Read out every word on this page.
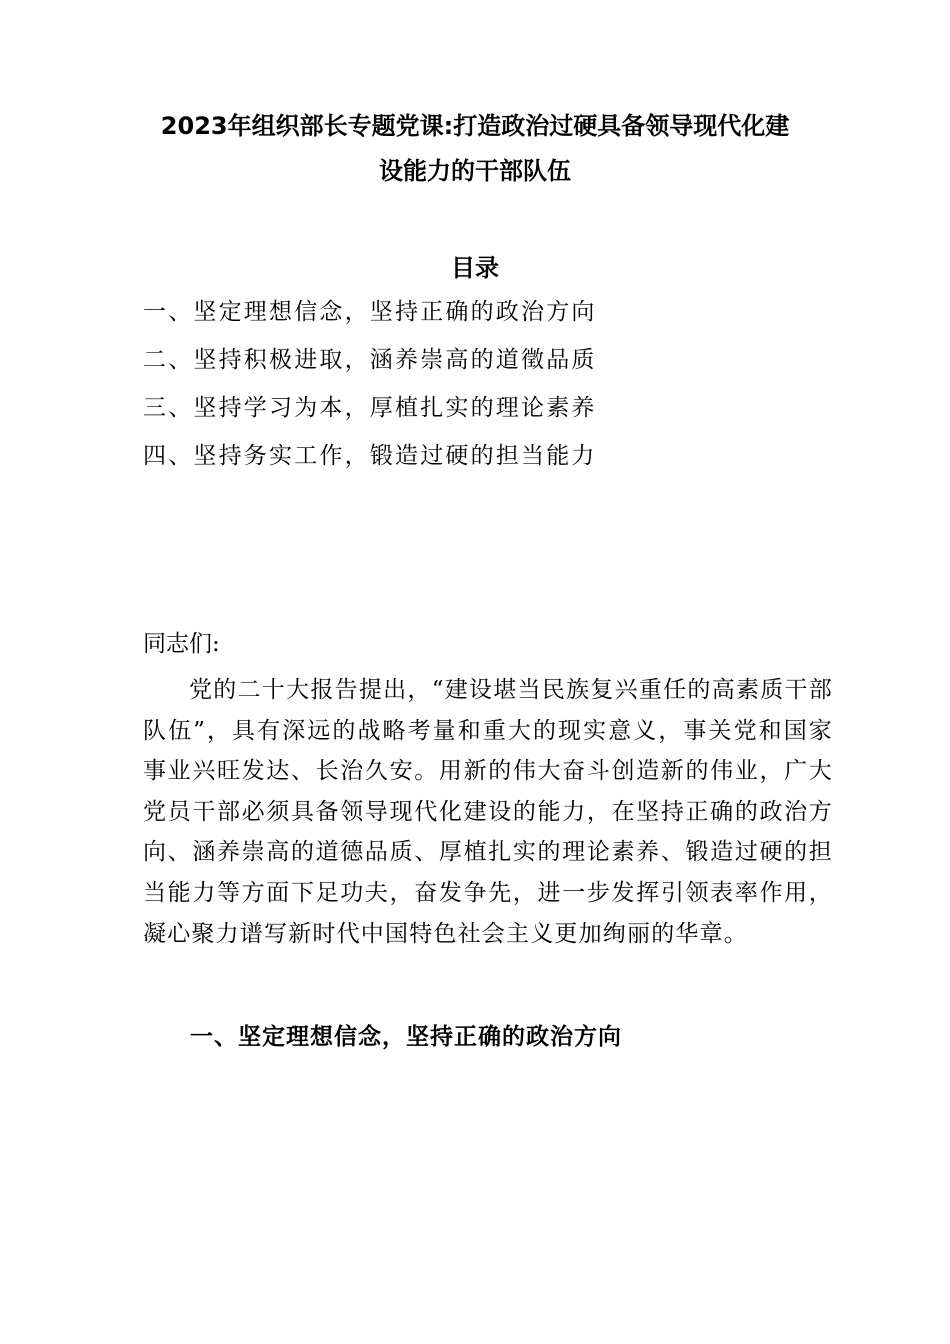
2023年组织部长专题党课:打造政治过硬具备领导现代化建
设能力的干部队伍
目录
一、坚定理想信念，坚持正确的政治方向
二、坚持积极进取，涵养崇高的道徵品质
三、坚持学习为本，厚植扎实的理论素养
四、坚持务实工作，锻造过硬的担当能力

同志们:

党的二十大报告提出，“建设堪当民族复兴重任的高素质干部队伍”，具有深远的战略考量和重大的现实意义，事关党和国家事业兴旺发达、长治久安。用新的伟大奋斗创造新的伟业，广大党员干部必须具备领导现代化建设的能力，在坚持正确的政治方向、涵养崇高的道德品质、厚植扎实的理论素养、锻造过硬的担当能力等方面下足功夫，奋发争先，进一步发挥引领表率作用，凝心聚力谱写新时代中国特色社会主义更加绚丽的华章。

一、坚定理想信念，坚持正确的政治方向
